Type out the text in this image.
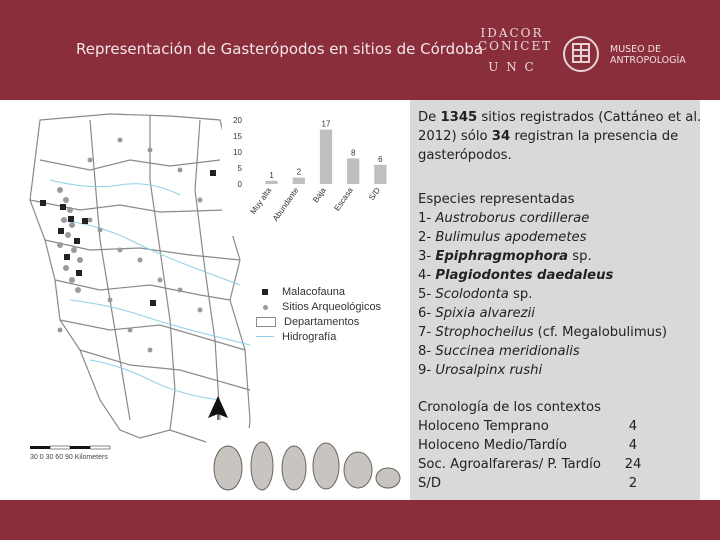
Representación de Gasterópodos en sitios de Córdoba
IDACOR
CONICET
U N C
MUSEO DE
ANTROPOLOGÍA
30 0 30 60 90 Kilometers
Malacofauna
Sitios Arqueológicos
Departamentos
Hidrografía
0
5
10
15
20
1
Muy alta
2
Abundante
17
Baja
8
Escasa
6
S/D
De 1345 sitios registrados (Cattáneo et al. 2012) sólo 34 registran la presencia de gasterópodos.
Especies representadas
1- Austroborus cordillerae
2- Bulimulus apodemetes
3- Epiphragmophora sp.
4- Plagiodontes daedaleus
5- Scolodonta sp.
6- Spixia alvarezii
7- Strophocheilus (cf. Megalobulimus)
8- Succinea meridionalis
9- Urosalpinx rushi
Cronología de los contextos
Holoceno Temprano	4
Holoceno Medio/Tardío	4
Soc. Agroalfareras/ P. Tardío	24
S/D	2
